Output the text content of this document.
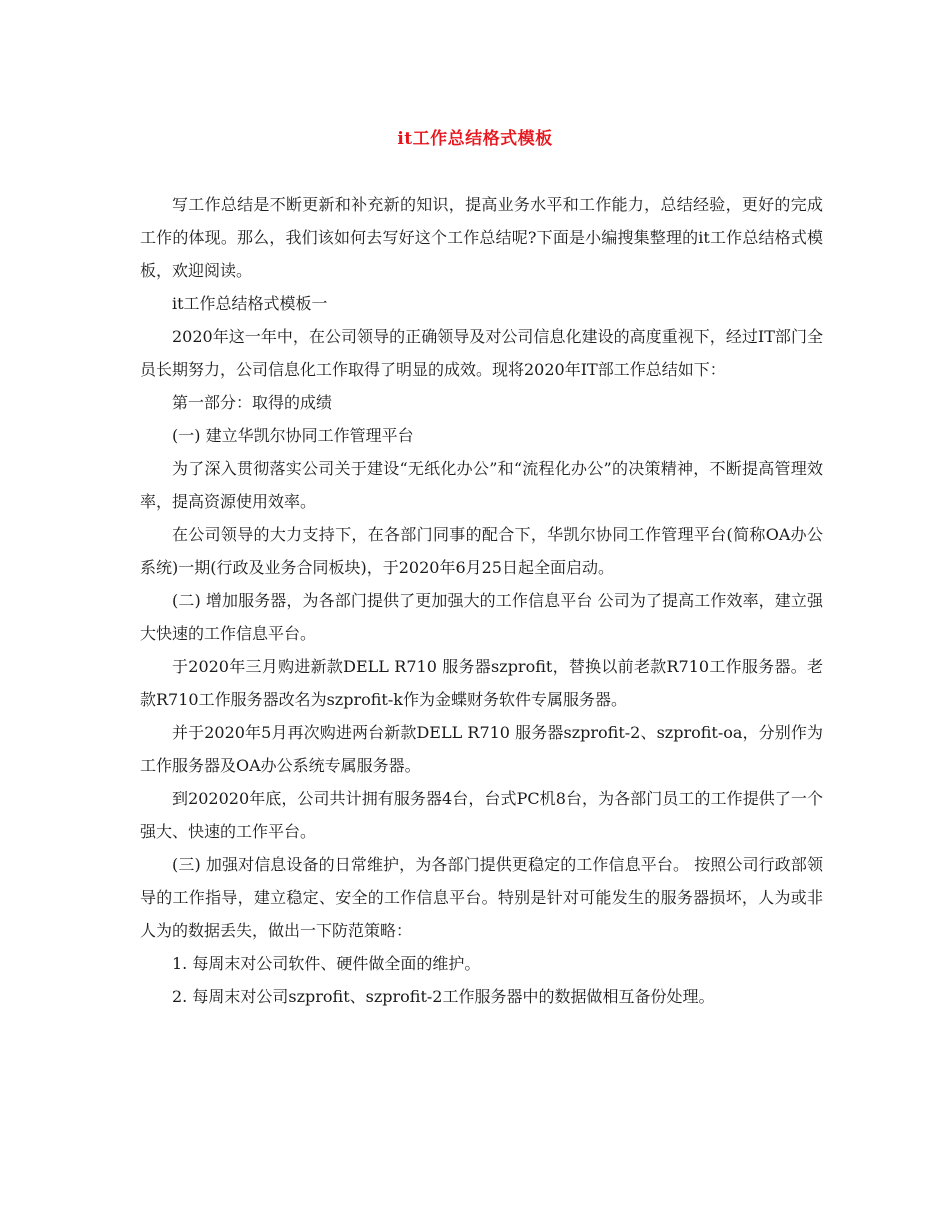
it工作总结格式模板

写工作总结是不断更新和补充新的知识，提高业务水平和工作能力，总结经验，更好的完成工作的体现。那么，我们该如何去写好这个工作总结呢?下面是小编搜集整理的it工作总结格式模板，欢迎阅读。

it工作总结格式模板一

2020年这一年中，在公司领导的正确领导及对公司信息化建设的高度重视下，经过IT部门全员长期努力，公司信息化工作取得了明显的成效。现将2020年IT部工作总结如下：

第一部分：取得的成绩

(一) 建立华凯尔协同工作管理平台

为了深入贯彻落实公司关于建设“无纸化办公”和“流程化办公”的决策精神，不断提高管理效率，提高资源使用效率。

在公司领导的大力支持下，在各部门同事的配合下，华凯尔协同工作管理平台(简称OA办公系统)一期(行政及业务合同板块)，于2020年6月25日起全面启动。

(二) 增加服务器，为各部门提供了更加强大的工作信息平台 公司为了提高工作效率，建立强大快速的工作信息平台。

于2020年三月购进新款DELL R710 服务器szprofit，替换以前老款R710工作服务器。老款R710工作服务器改名为szprofit-k作为金蝶财务软件专属服务器。

并于2020年5月再次购进两台新款DELL R710 服务器szprofit-2、szprofit-oa，分别作为工作服务器及OA办公系统专属服务器。

到202020年底，公司共计拥有服务器4台，台式PC机8台，为各部门员工的工作提供了一个强大、快速的工作平台。

(三) 加强对信息设备的日常维护，为各部门提供更稳定的工作信息平台。 按照公司行政部领导的工作指导，建立稳定、安全的工作信息平台。特别是针对可能发生的服务器损坏，人为或非人为的数据丢失，做出一下防范策略：

1. 每周末对公司软件、硬件做全面的维护。

2. 每周末对公司szprofit、szprofit-2工作服务器中的数据做相互备份处理。
